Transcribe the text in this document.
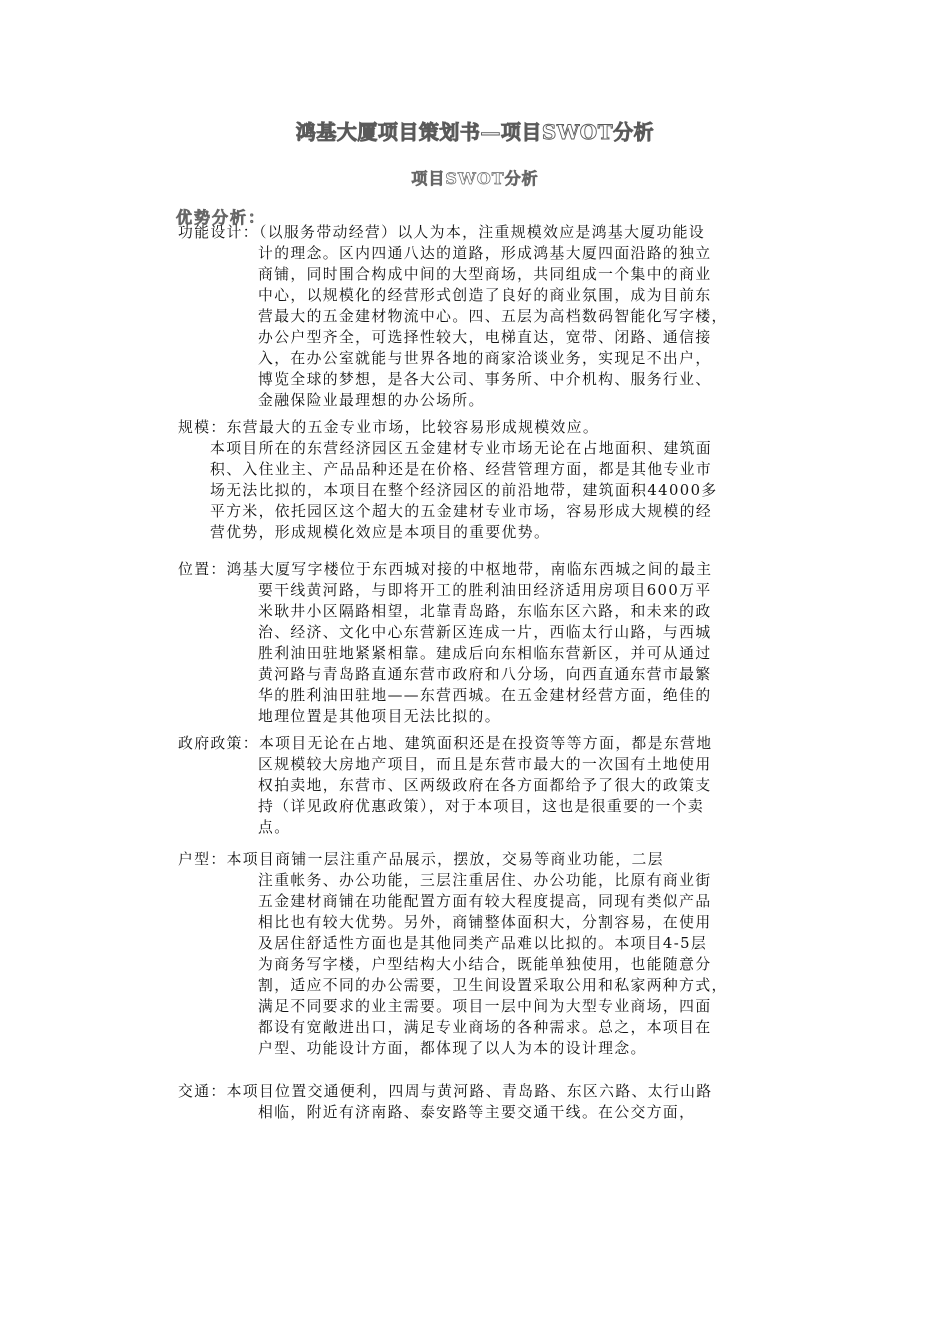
鸿基大厦项目策划书—项目SWOT分析
项目SWOT分析
优势分析：
功能设计：（以服务带动经营）以人为本，注重规模效应是鸿基大厦功能设
计的理念。区内四通八达的道路，形成鸿基大厦四面沿路的独立
商铺，同时围合构成中间的大型商场，共同组成一个集中的商业
中心，以规模化的经营形式创造了良好的商业氛围，成为目前东
营最大的五金建材物流中心。四、五层为高档数码智能化写字楼，
办公户型齐全，可选择性较大，电梯直达，宽带、闭路、通信接
入，在办公室就能与世界各地的商家洽谈业务，实现足不出户，
博览全球的梦想，是各大公司、事务所、中介机构、服务行业、
金融保险业最理想的办公场所。
规模：东营最大的五金专业市场，比较容易形成规模效应。
本项目所在的东营经济园区五金建材专业市场无论在占地面积、建筑面
积、入住业主、产品品种还是在价格、经营管理方面，都是其他专业市
场无法比拟的，本项目在整个经济园区的前沿地带，建筑面积44000多
平方米，依托园区这个超大的五金建材专业市场，容易形成大规模的经
营优势，形成规模化效应是本项目的重要优势。
位置：鸿基大厦写字楼位于东西城对接的中枢地带，南临东西城之间的最主
要干线黄河路，与即将开工的胜利油田经济适用房项目600万平
米耿井小区隔路相望，北靠青岛路，东临东区六路，和未来的政
治、经济、文化中心东营新区连成一片，西临太行山路，与西城
胜利油田驻地紧紧相靠。建成后向东相临东营新区，并可从通过
黄河路与青岛路直通东营市政府和八分场，向西直通东营市最繁
华的胜利油田驻地——东营西城。在五金建材经营方面，绝佳的
地理位置是其他项目无法比拟的。
政府政策：本项目无论在占地、建筑面积还是在投资等等方面，都是东营地
区规模较大房地产项目，而且是东营市最大的一次国有土地使用
权拍卖地，东营市、区两级政府在各方面都给予了很大的政策支
持（详见政府优惠政策），对于本项目，这也是很重要的一个卖
点。
户型：本项目商铺一层注重产品展示，摆放，交易等商业功能，二层
注重帐务、办公功能，三层注重居住、办公功能，比原有商业街
五金建材商铺在功能配置方面有较大程度提高，同现有类似产品
相比也有较大优势。另外，商铺整体面积大，分割容易，在使用
及居住舒适性方面也是其他同类产品难以比拟的。本项目4-5层
为商务写字楼，户型结构大小结合，既能单独使用，也能随意分
割，适应不同的办公需要，卫生间设置采取公用和私家两种方式，
满足不同要求的业主需要。项目一层中间为大型专业商场，四面
都设有宽敞进出口，满足专业商场的各种需求。总之，本项目在
户型、功能设计方面，都体现了以人为本的设计理念。
交通：本项目位置交通便利，四周与黄河路、青岛路、东区六路、太行山路
相临，附近有济南路、泰安路等主要交通干线。在公交方面，
